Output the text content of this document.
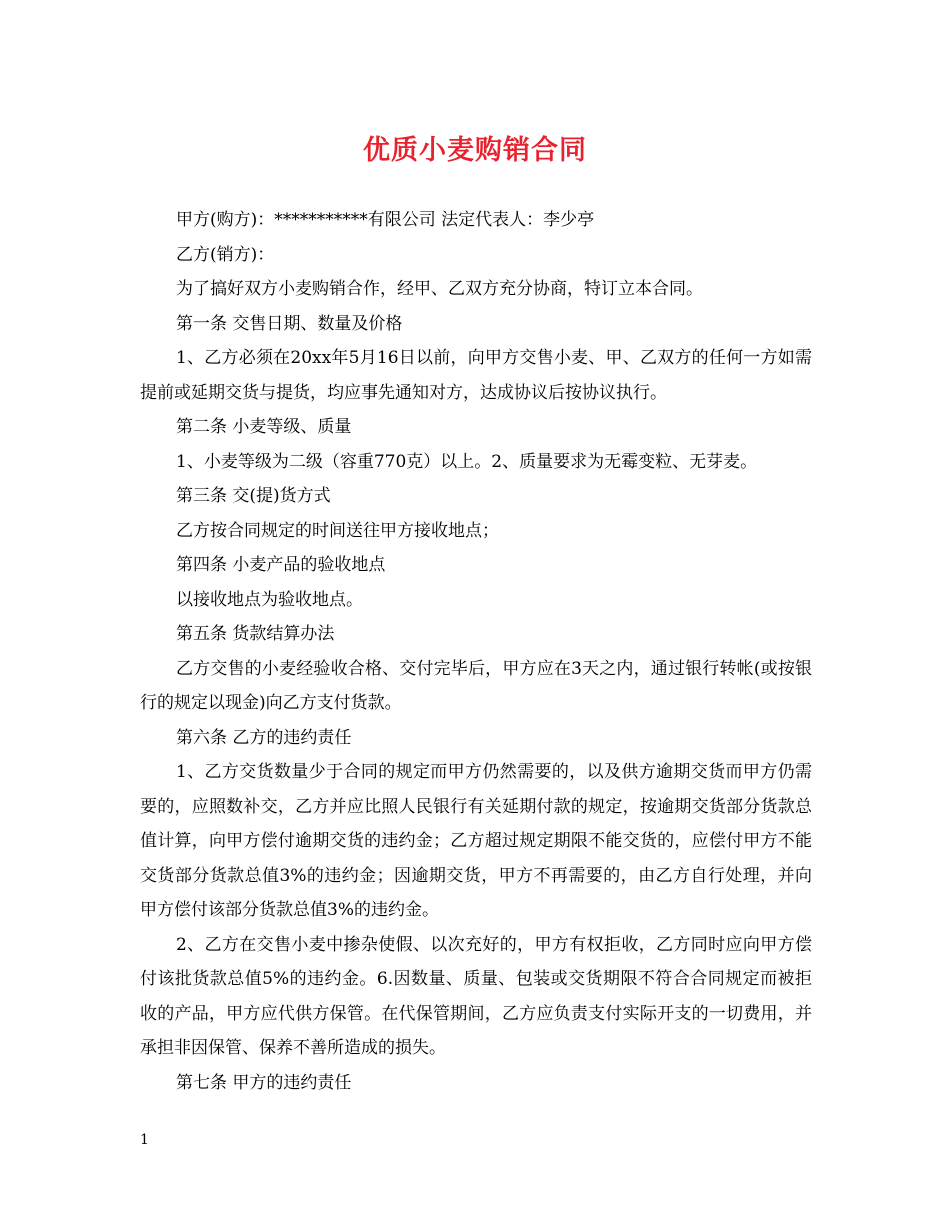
优质小麦购销合同

甲方(购方)：***********有限公司 法定代表人：李少亭

乙方(销方)：

为了搞好双方小麦购销合作，经甲、乙双方充分协商，特订立本合同。

第一条 交售日期、数量及价格

1、乙方必须在20xx年5月16日以前，向甲方交售小麦、甲、乙双方的任何一方如需提前或延期交货与提货，均应事先通知对方，达成协议后按协议执行。

第二条 小麦等级、质量

1、小麦等级为二级（容重770克）以上。2、质量要求为无霉变粒、无芽麦。

第三条 交(提)货方式

乙方按合同规定的时间送往甲方接收地点；

第四条 小麦产品的验收地点

以接收地点为验收地点。

第五条 货款结算办法

乙方交售的小麦经验收合格、交付完毕后，甲方应在3天之内，通过银行转帐(或按银行的规定以现金)向乙方支付货款。

第六条 乙方的违约责任

1、乙方交货数量少于合同的规定而甲方仍然需要的，以及供方逾期交货而甲方仍需要的，应照数补交，乙方并应比照人民银行有关延期付款的规定，按逾期交货部分货款总值计算，向甲方偿付逾期交货的违约金；乙方超过规定期限不能交货的，应偿付甲方不能交货部分货款总值3%的违约金；因逾期交货，甲方不再需要的，由乙方自行处理，并向甲方偿付该部分货款总值3%的违约金。

2、乙方在交售小麦中掺杂使假、以次充好的，甲方有权拒收，乙方同时应向甲方偿付该批货款总值5%的违约金。6.因数量、质量、包装或交货期限不符合合同规定而被拒收的产品，甲方应代供方保管。在代保管期间，乙方应负责支付实际开支的一切费用，并承担非因保管、保养不善所造成的损失。

第七条 甲方的违约责任

1
